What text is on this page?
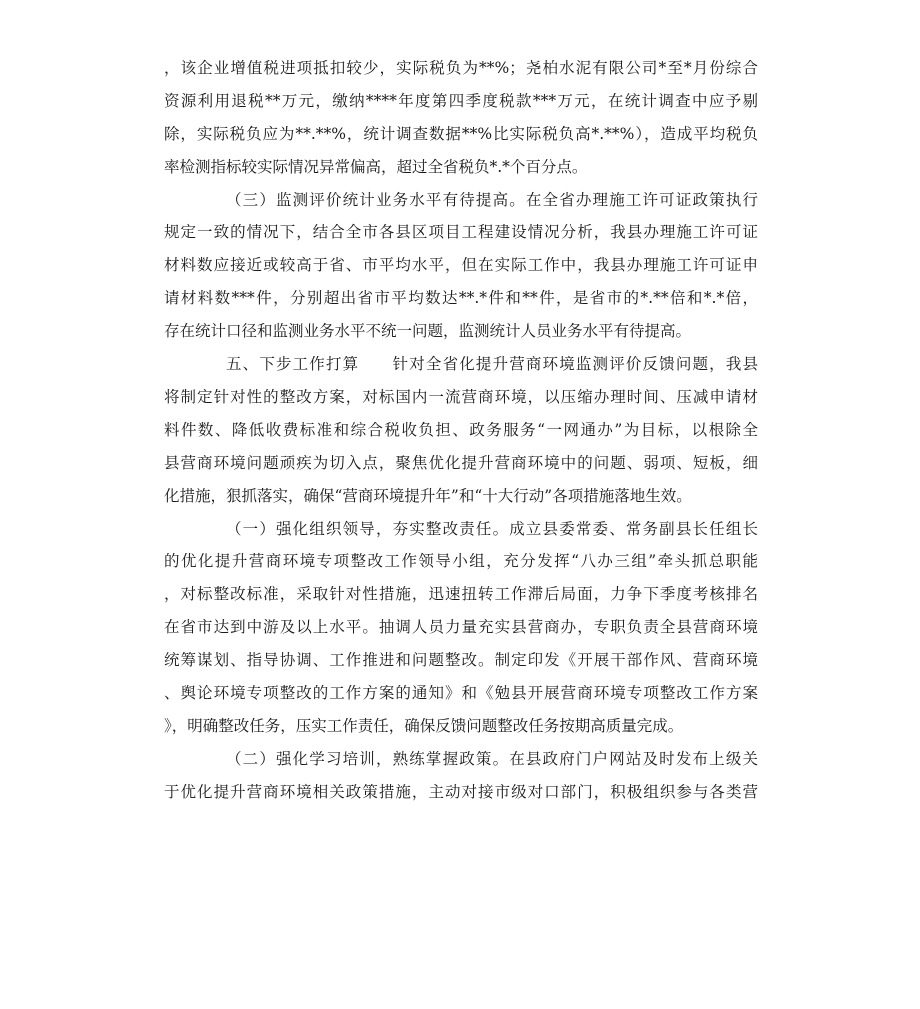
，该企业增值税进项抵扣较少，实际税负为**%；尧柏水泥有限公司*至*月份综合
资源利用退税**万元，缴纳****年度第四季度税款***万元，在统计调查中应予剔
除，实际税负应为**.**%，统计调查数据**%比实际税负高*.**%），造成平均税负
率检测指标较实际情况异常偏高，超过全省税负*.*个百分点。
（三）监测评价统计业务水平有待提高。在全省办理施工许可证政策执行
规定一致的情况下，结合全市各县区项目工程建设情况分析，我县办理施工许可证
材料数应接近或较高于省、市平均水平，但在实际工作中，我县办理施工许可证申
请材料数***件，分别超出省市平均数达**.*件和**件，是省市的*.**倍和*.*倍，
存在统计口径和监测业务水平不统一问题，监测统计人员业务水平有待提高。
五、下步工作打算　　针对全省化提升营商环境监测评价反馈问题，我县
将制定针对性的整改方案，对标国内一流营商环境，以压缩办理时间、压减申请材
料件数、降低收费标准和综合税收负担、政务服务“一网通办”为目标，以根除全
县营商环境问题顽疾为切入点，聚焦优化提升营商环境中的问题、弱项、短板，细
化措施，狠抓落实，确保“营商环境提升年”和“十大行动”各项措施落地生效。
（一）强化组织领导，夯实整改责任。成立县委常委、常务副县长任组长
的优化提升营商环境专项整改工作领导小组，充分发挥“八办三组”牵头抓总职能
，对标整改标准，采取针对性措施，迅速扭转工作滞后局面，力争下季度考核排名
在省市达到中游及以上水平。抽调人员力量充实县营商办，专职负责全县营商环境
统筹谋划、指导协调、工作推进和问题整改。制定印发《开展干部作风、营商环境
、舆论环境专项整改的工作方案的通知》和《勉县开展营商环境专项整改工作方案
》，明确整改任务，压实工作责任，确保反馈问题整改任务按期高质量完成。
（二）强化学习培训，熟练掌握政策。在县政府门户网站及时发布上级关
于优化提升营商环境相关政策措施，主动对接市级对口部门，积极组织参与各类营
